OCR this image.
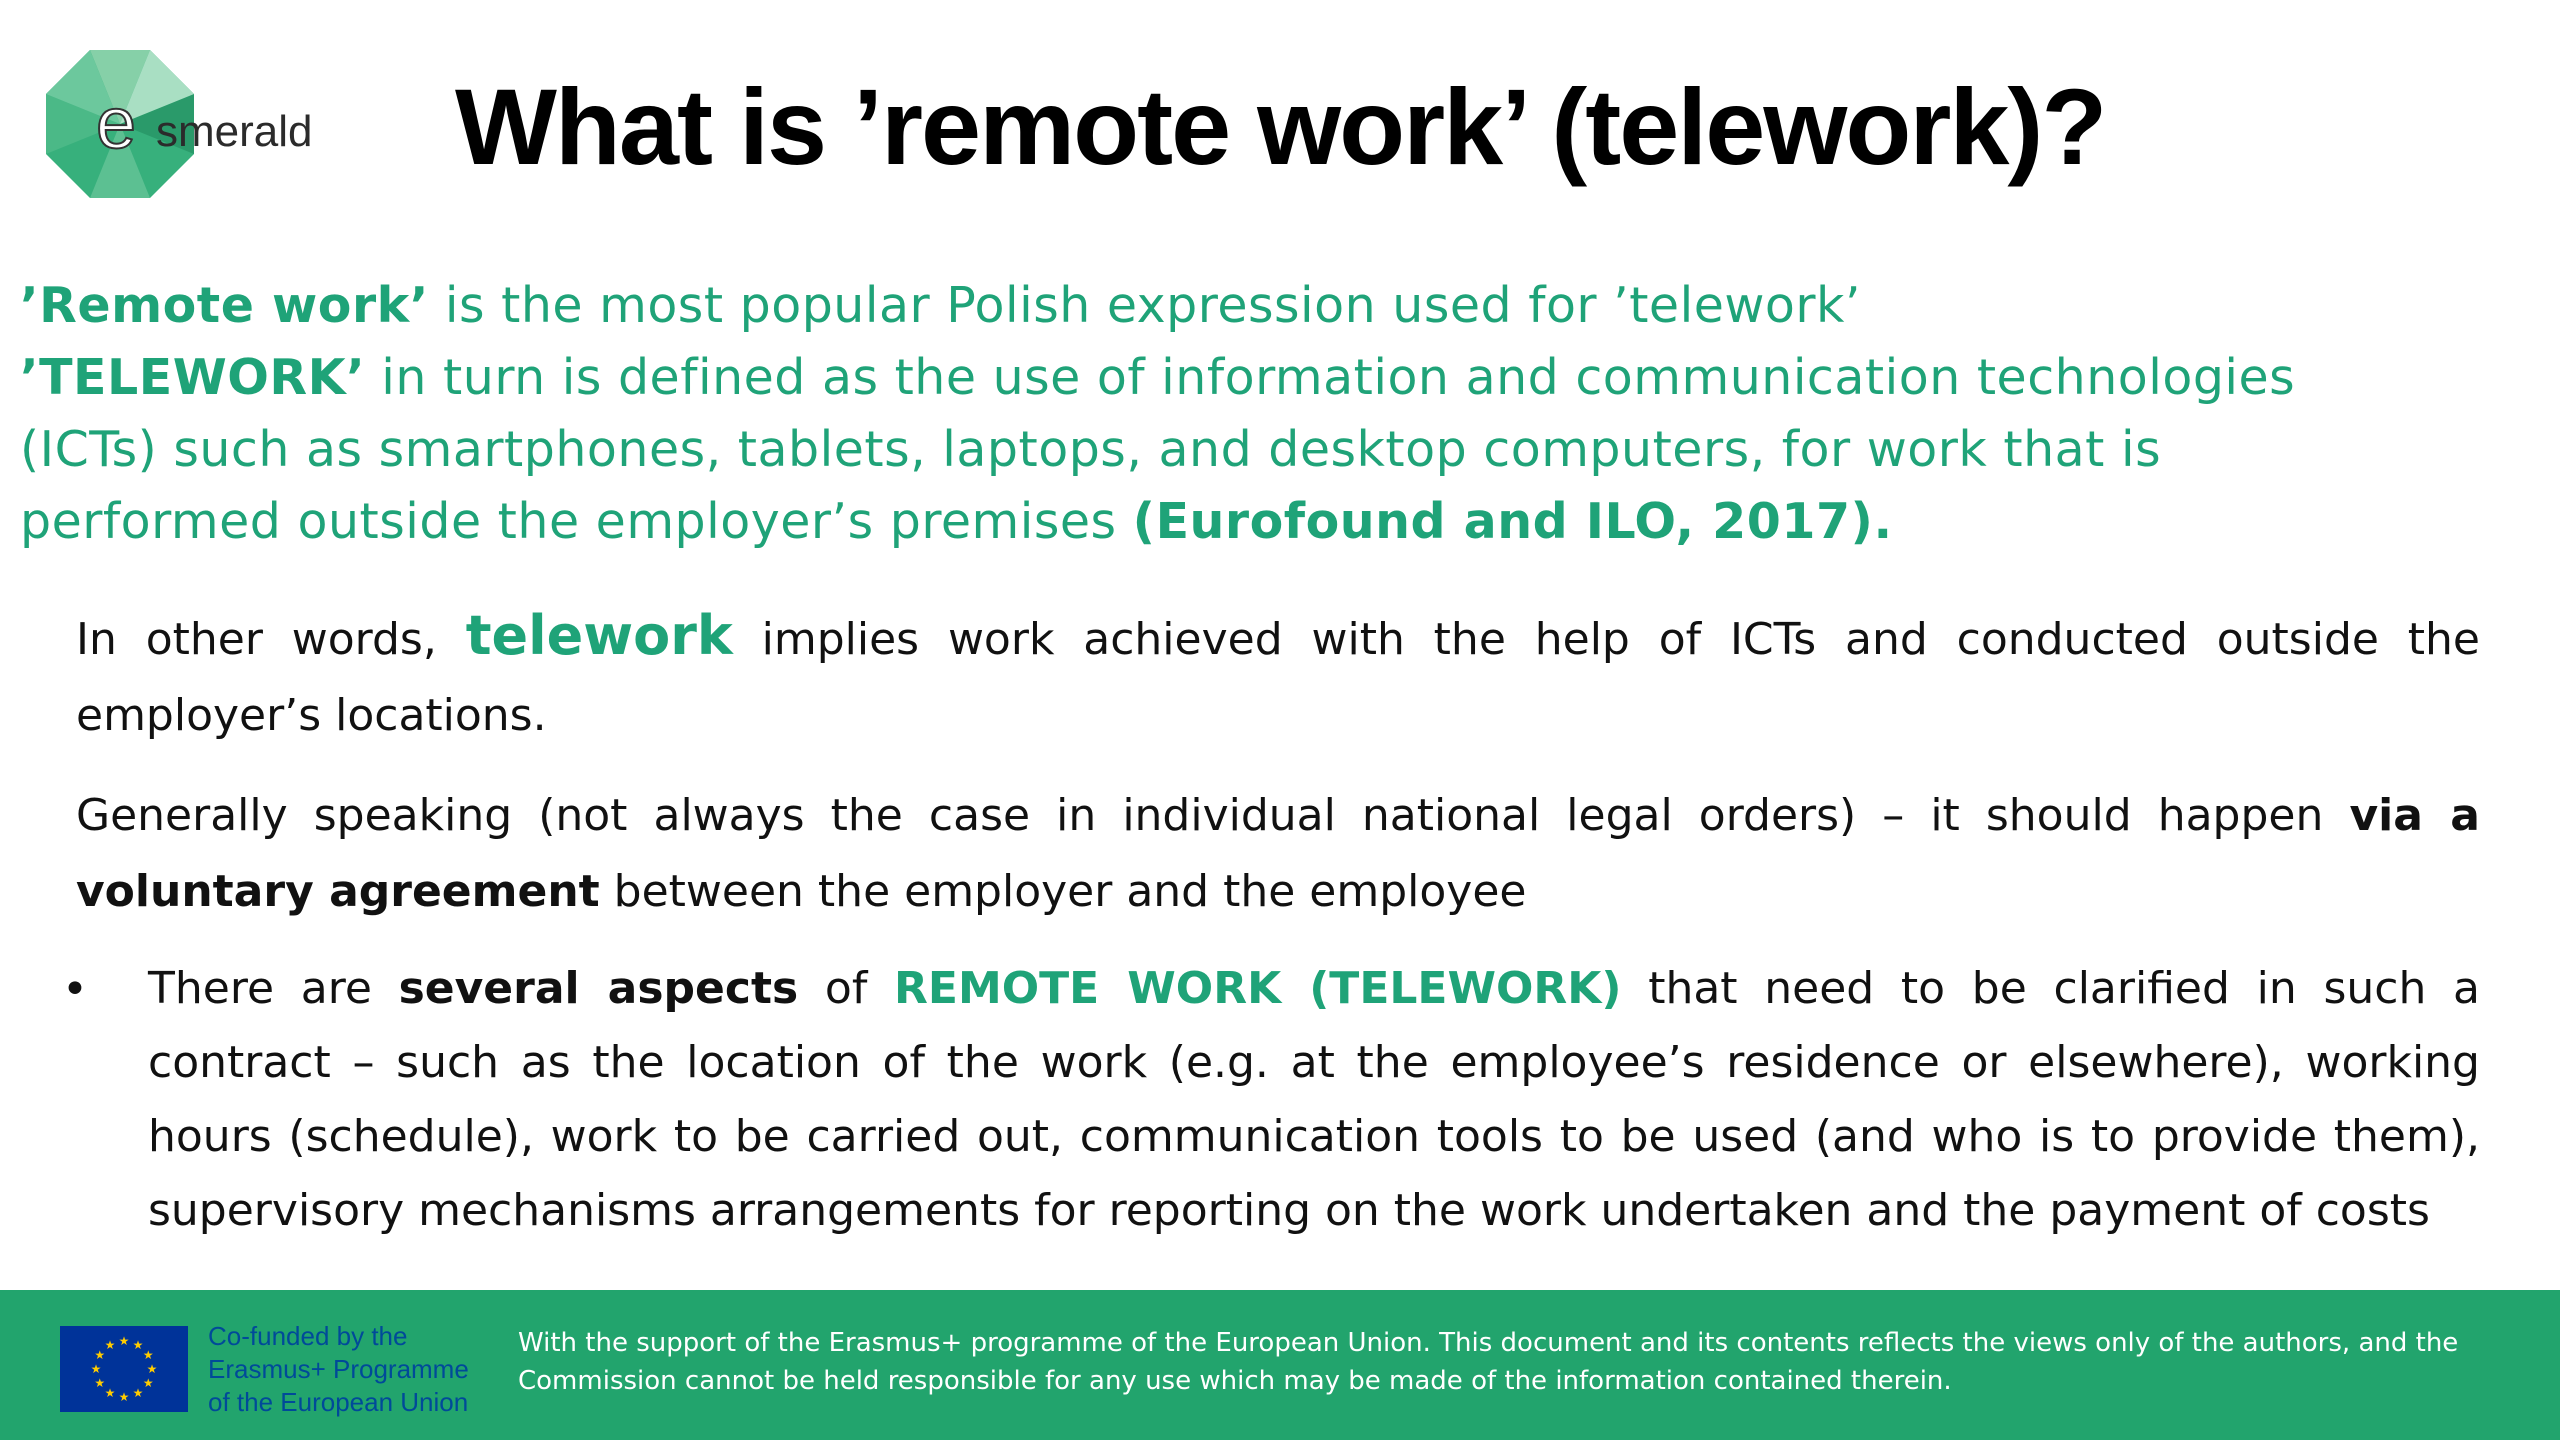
e smerald What is ’remote work’ (telework)?

’Remote work’ is the most popular Polish expression used for ’telework’

’TELEWORK’ in turn is defined as the use of information and communication technologies (ICTs) such as smartphones, tablets, laptops, and desktop computers, for work that is performed outside the employer’s premises (Eurofound and ILO, 2017).

In other words, telework implies work achieved with the help of ICTs and conducted outside the employer’s locations.
Generally speaking (not always the case in individual national legal orders) – it should happen via a voluntary agreement between the employer and the employee
• There are several aspects of REMOTE WORK (TELEWORK) that need to be clarified in such a contract – such as the location of the work (e.g. at the employee’s residence or elsewhere), working hours (schedule), work to be carried out, communication tools to be used (and who is to provide them), supervisory mechanisms arrangements for reporting on the work undertaken and the payment of costs
★ ★
★
★
★
★
★
★
★
★
★
★	Co-funded by the
Erasmus+ Programme
of the European Union
With the support of the Erasmus+ programme of the European Union. This document and its contents reflects the views only of the authors, and the
Commission cannot be held responsible for any use which may be made of the information contained therein.
